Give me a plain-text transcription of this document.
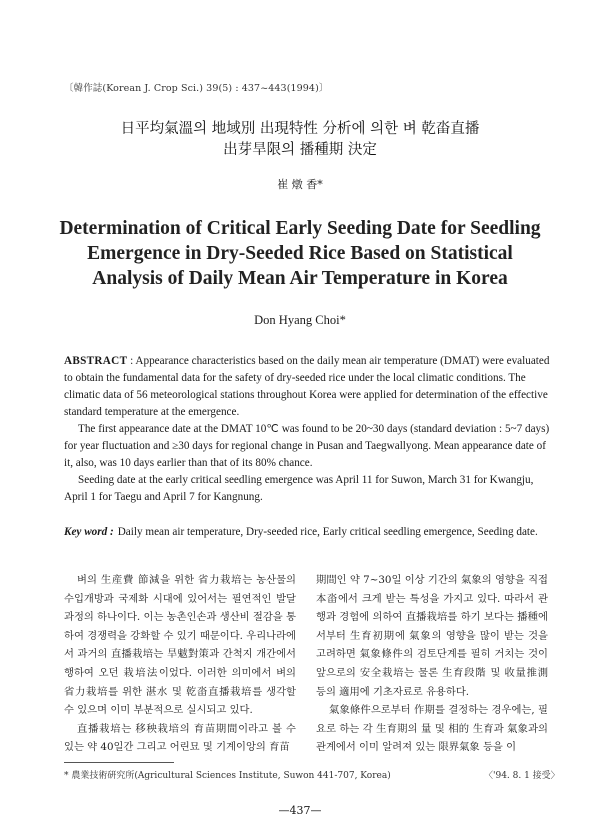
〔韓作誌(Korean J. Crop Sci.) 39(5) : 437~443(1994)〕
日平均氣溫의 地域別 出現特性 分析에 의한 벼 乾畓直播
出芽旱限의 播種期 決定
崔 燉 香*
Determination of Critical Early Seeding Date for Seedling
Emergence in Dry-Seeded Rice Based on Statistical
Analysis of Daily Mean Air Temperature in Korea
Don Hyang Choi*

ABSTRACT : Appearance characteristics based on the daily mean air temperature (DMAT) were evaluated to obtain the fundamental data for the safety of dry-seeded rice under the local climatic conditions. The climatic data of 56 meteorological stations throughout Korea were applied for determination of the effective standard temperature at the emergence.

The first appearance date at the DMAT 10℃ was found to be 20~30 days (standard deviation : 5~7 days) for year fluctuation and ≥30 days for regional change in Pusan and Taegwallyong. Mean appearance date of it, also, was 10 days earlier than that of its 80% chance.

Seeding date at the early critical seedling emergence was April 11 for Suwon, March 31 for Kwangju, April 1 for Taegu and April 7 for Kangnung.

Key word : Daily mean air temperature, Dry-seeded rice, Early critical seedling emergence, Seeding date.

벼의 生産費 節減을 위한 省力栽培는 농산물의 수입개방과 국제화 시대에 있어서는 필연적인 발달 과정의 하나이다. 이는 농촌인손과 생산비 절감을 통하여 경쟁력을 강화할 수 있기 때문이다. 우리나라에서 과거의 直播栽培는 旱魃對策과 간척지 개간에서 행하여 오던 栽培法이었다. 이러한 의미에서 벼의 省力栽培를 위한 湛水 및 乾畓直播栽培를 생각할 수 있으며 이미 부분적으로 실시되고 있다.

直播栽培는 移秧栽培의 育苗期間이라고 볼 수 있는 약 40일간 그리고 어린묘 및 기계이앙의 育苗

期間인 약 7~30일 이상 기간의 氣象의 영향을 직접 本畓에서 크게 받는 특성을 가지고 있다. 따라서 관행과 경험에 의하여 直播栽培를 하기 보다는 播種에서부터 生育初期에 氣象의 영향을 많이 받는 것을 고려하면 氣象條件의 검토단계를 필히 거치는 것이 앞으로의 安全栽培는 물론 生育段階 및 收量推測 등의 適用에 기초자료로 유용하다.

氣象條件으로부터 作期를 결정하는 경우에는, 필요로 하는 각 生育期의 量 및 相的 生育과 氣象과의 관계에서 이미 알려져 있는 限界氣象 등을 이

* 農業技術硏究所(Agricultural Sciences Institute, Suwon 441-707, Korea)	〈'94. 8. 1 接受〉
—437—
